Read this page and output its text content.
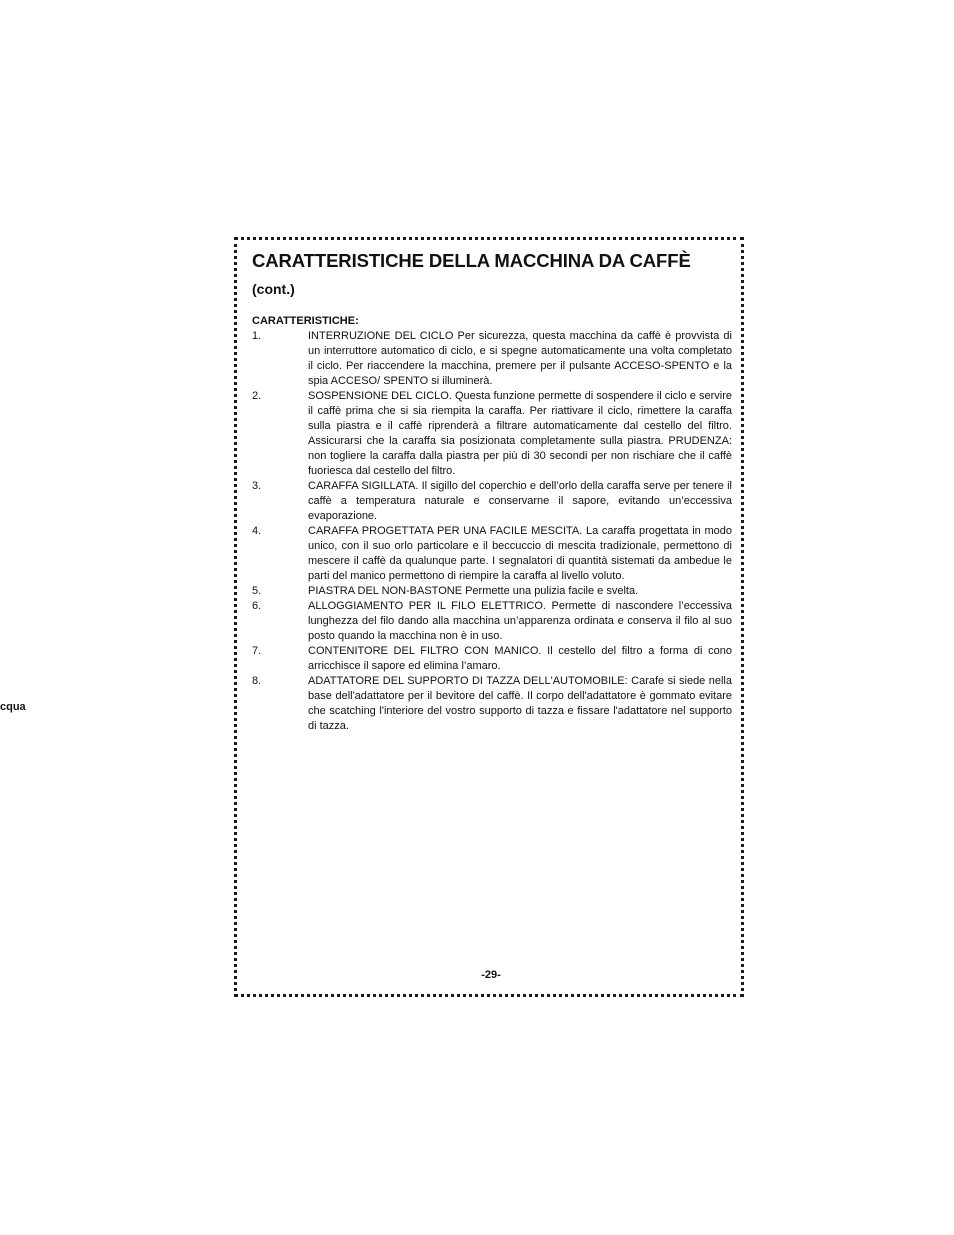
cqua
CARATTERISTICHE DELLA MACCHINA DA CAFFÈ
(cont.)
CARATTERISTICHE:
1.	INTERRUZIONE DEL CICLO Per sicurezza, questa macchina da caffè è provvista di un interruttore automatico di ciclo, e si spegne automaticamente una volta completato il ciclo. Per riaccendere la macchina, premere per il pulsante ACCESO-SPENTO e la spia ACCESO/ SPENTO si illuminerà.
2.	SOSPENSIONE DEL CICLO. Questa funzione permette di sospendere il ciclo e servire il caffè prima che si sia riempita la caraffa. Per riattivare il ciclo, rimettere la caraffa sulla piastra e il caffè riprenderà a filtrare automaticamente dal cestello del filtro. Assicurarsi che la caraffa sia posizionata completamente sulla piastra. PRUDENZA: non togliere la caraffa dalla piastra per più di 30 secondi per non rischiare che il caffè fuoriesca dal cestello del filtro.
3.	CARAFFA SIGILLATA. Il sigillo del coperchio e dell’orlo della caraffa serve per tenere il caffè a temperatura naturale e conservarne il sapore, evitando un’eccessiva evaporazione.
4.	CARAFFA PROGETTATA PER UNA FACILE MESCITA. La caraffa progettata in modo unico, con il suo orlo particolare e il beccuccio di mescita tradizionale, permettono di mescere il caffè da qualunque parte. I segnalatori di quantità sistemati da ambedue le parti del manico permettono di riempire la caraffa al livello voluto.
5.	PIASTRA DEL NON-BASTONE Permette una pulizia facile e svelta.
6.	ALLOGGIAMENTO PER IL FILO ELETTRICO. Permette di nascondere l’eccessiva lunghezza del filo dando alla macchina un’apparenza ordinata e conserva il filo al suo posto quando la macchina non è in uso.
7.	CONTENITORE DEL FILTRO CON MANICO. Il cestello del filtro a forma di cono arricchisce il sapore ed elimina l’amaro.
8.	ADATTATORE DEL SUPPORTO DI TAZZA DELL'AUTOMOBILE: Carafe si siede nella base dell'adattatore per il bevitore del caffè. Il corpo dell'adattatore è gommato evitare che scatching l'interiore del vostro supporto di tazza e fissare l'adattatore nel supporto di tazza.
-29-
